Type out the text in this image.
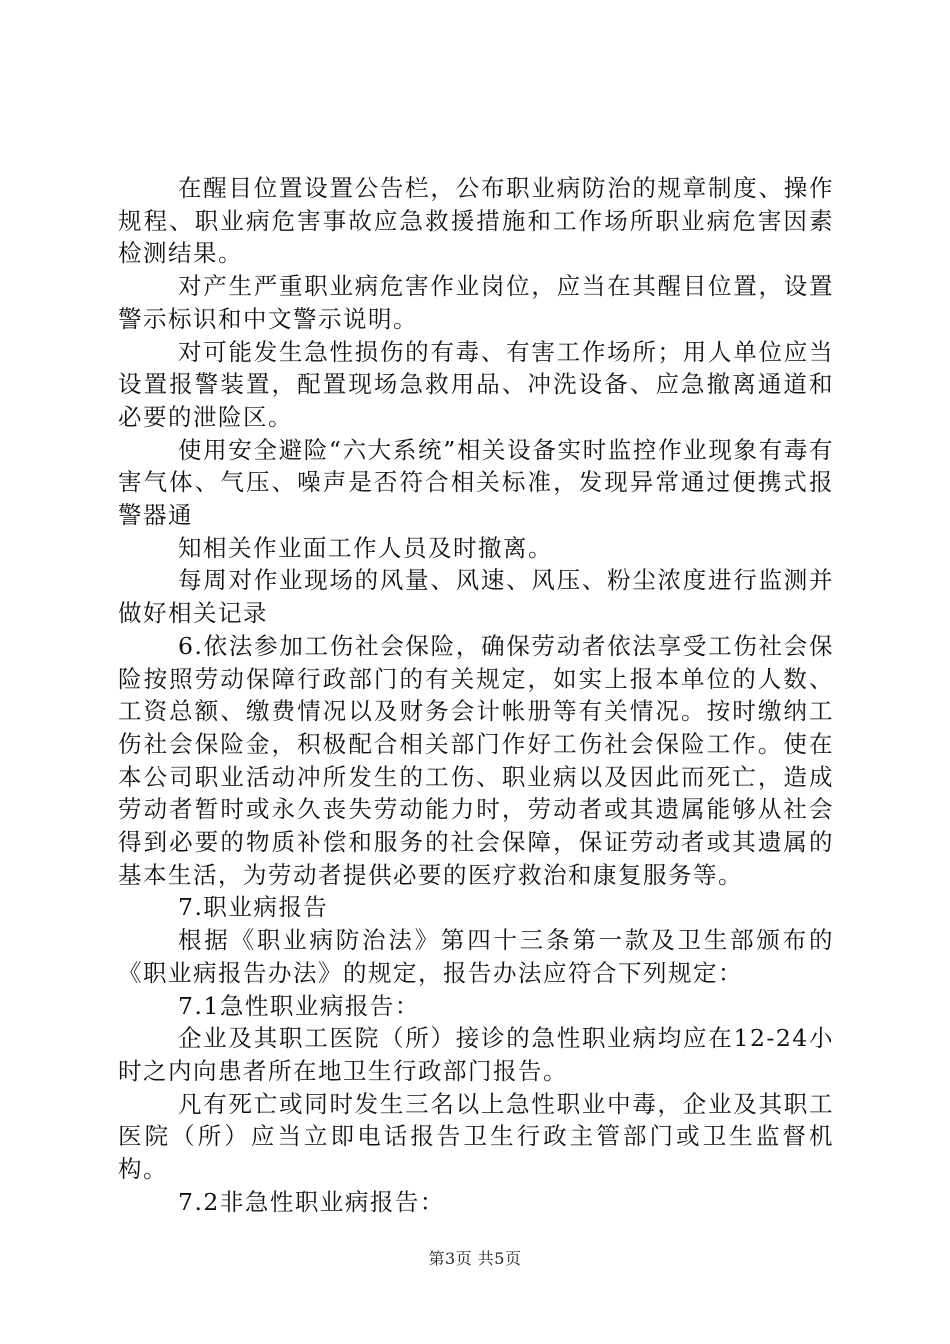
在醒目位置设置公告栏，公布职业病防治的规章制度、操作规程、职业病危害事故应急救援措施和工作场所职业病危害因素检测结果。

对产生严重职业病危害作业岗位，应当在其醒目位置，设置警示标识和中文警示说明。

对可能发生急性损伤的有毒、有害工作场所；用人单位应当设置报警装置，配置现场急救用品、冲洗设备、应急撤离通道和必要的泄险区。

使用安全避险“六大系统”相关设备实时监控作业现象有毒有害气体、气压、噪声是否符合相关标准，发现异常通过便携式报警器通

知相关作业面工作人员及时撤离。

每周对作业现场的风量、风速、风压、粉尘浓度进行监测并做好相关记录

6.依法参加工伤社会保险，确保劳动者依法享受工伤社会保险按照劳动保障行政部门的有关规定，如实上报本单位的人数、工资总额、缴费情况以及财务会计帐册等有关情况。按时缴纳工伤社会保险金，积极配合相关部门作好工伤社会保险工作。使在本公司职业活动冲所发生的工伤、职业病以及因此而死亡，造成劳动者暂时或永久丧失劳动能力时，劳动者或其遗属能够从社会得到必要的物质补偿和服务的社会保障，保证劳动者或其遗属的基本生活，为劳动者提供必要的医疗救治和康复服务等。

7.职业病报告

根据《职业病防治法》第四十三条第一款及卫生部颁布的《职业病报告办法》的规定，报告办法应符合下列规定：

7.1急性职业病报告：

企业及其职工医院（所）接诊的急性职业病均应在12-24小时之内向患者所在地卫生行政部门报告。

凡有死亡或同时发生三名以上急性职业中毒，企业及其职工医院（所）应当立即电话报告卫生行政主管部门或卫生监督机构。

7.2非急性职业病报告：

第3页 共5页
